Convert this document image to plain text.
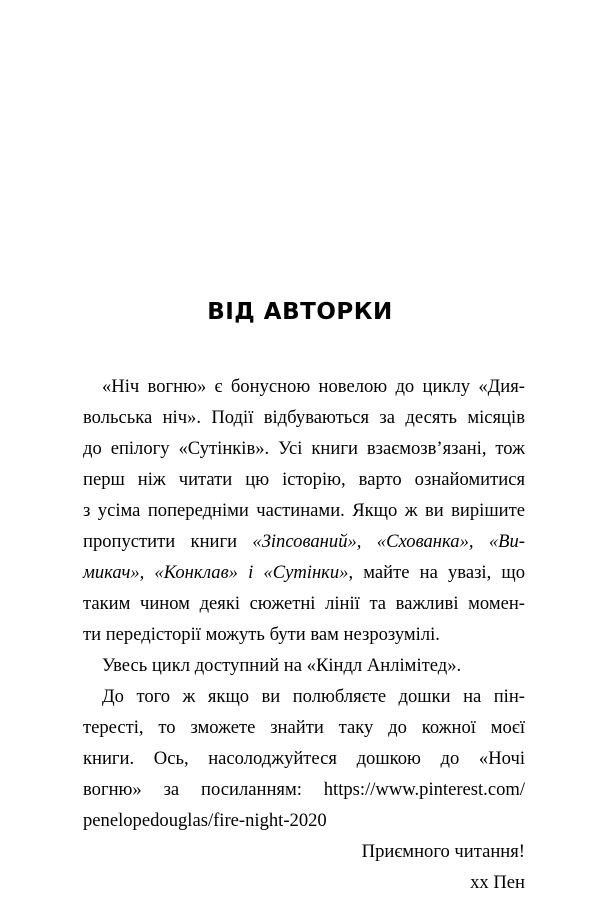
ВІД АВТОРКИ
«Ніч вогню» є бонусною новелою до циклу «Дия-
вольська ніч». Події відбуваються за десять місяців
до епілогу «Сутінків». Усі книги взаємозв’язані, тож
перш ніж читати цю історію, варто ознайомитися
з усіма попередніми частинами. Якщо ж ви вирішите
пропустити книги «Зіпсований», «Схованка», «Ви-
микач», «Конклав» і «Сутінки», майте на увазі, що
таким чином деякі сюжетні лінії та важливі момен-
ти передісторії можуть бути вам незрозумілі.
Увесь цикл доступний на «Кіндл Анлімітед».
До того ж якщо ви полюбляєте дошки на пін-
тересті, то зможете знайти таку до кожної моєї
книги. Ось, насолоджуйтеся дошкою до «Ночі
вогню» за посиланням: https://www.pinterest.com/
penelopedouglas/fire-night-2020
Приємного читання!
xx Пен
